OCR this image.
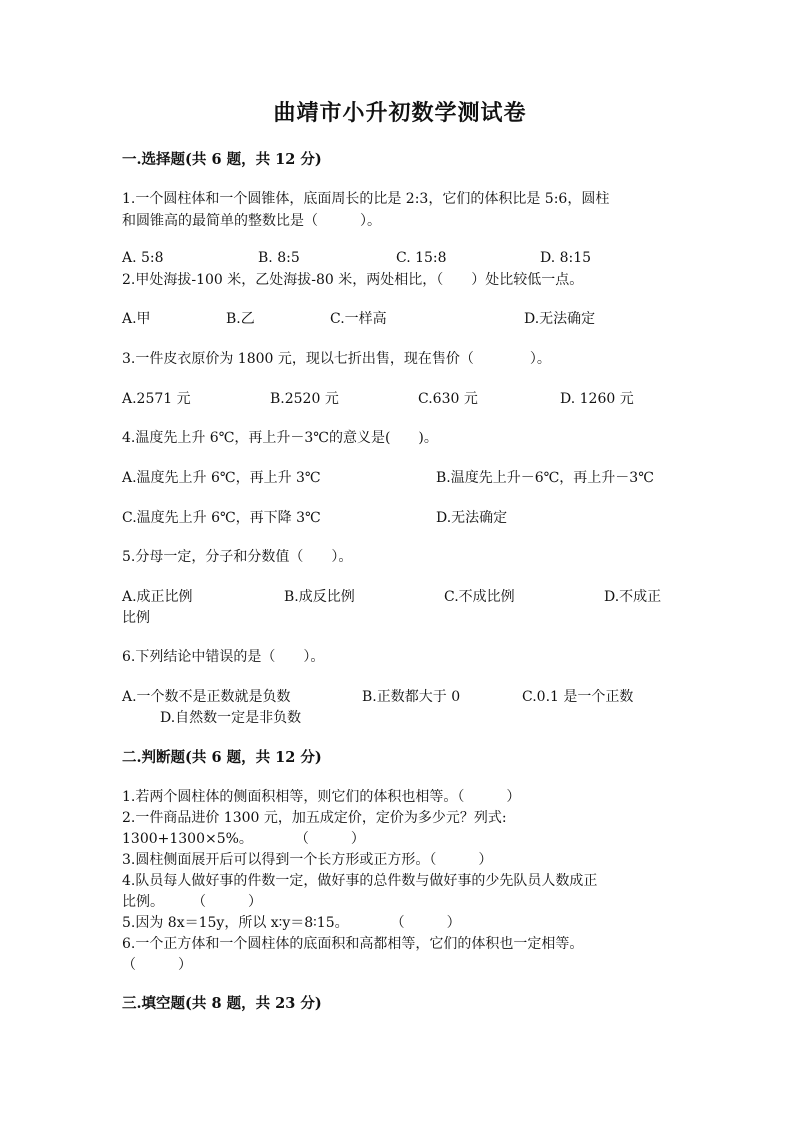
曲靖市小升初数学测试卷
一.选择题(共 6 题，共 12 分)
1.一个圆柱体和一个圆锥体，底面周长的比是 2:3，它们的体积比是 5:6，圆柱
和圆锥高的最简单的整数比是（　　　）。
A. 5:8	B. 8:5	C. 15:8	D. 8:15
2.甲处海拔-100 米，乙处海拔-80 米，两处相比，（　　）处比较低一点。
A.甲	B.乙	C.一样高	D.无法确定
3.一件皮衣原价为 1800 元，现以七折出售，现在售价（　　　　）。
A.2571 元	B.2520 元	C.630 元	D. 1260 元
4.温度先上升 6℃，再上升－3℃的意义是(　　)。
A.温度先上升 6℃，再上升 3℃	B.温度先上升－6℃，再上升－3℃
C.温度先上升 6℃，再下降 3℃	D.无法确定
5.分母一定，分子和分数值（　　）。
A.成正比例	B.成反比例	C.不成比例	D.不成正
比例
6.下列结论中错误的是（　　）。
A.一个数不是正数就是负数	B.正数都大于 0	C.0.1 是一个正数
D.自然数一定是非负数
二.判断题(共 6 题，共 12 分)
1.若两个圆柱体的侧面积相等，则它们的体积也相等。（　　　）
2.一件商品进价 1300 元，加五成定价，定价为多少元？列式:
1300+1300×5%。　　　　（　　　）
3.圆柱侧面展开后可以得到一个长方形或正方形。（　　　）
4.队员每人做好事的件数一定，做好事的总件数与做好事的少先队员人数成正
比例。　　　（　　　）
5.因为 8x＝15y，所以 x∶y＝8∶15。　　　　（　　　）
6.一个正方体和一个圆柱体的底面积和高都相等，它们的体积也一定相等。
（　　　）
三.填空题(共 8 题，共 23 分)
